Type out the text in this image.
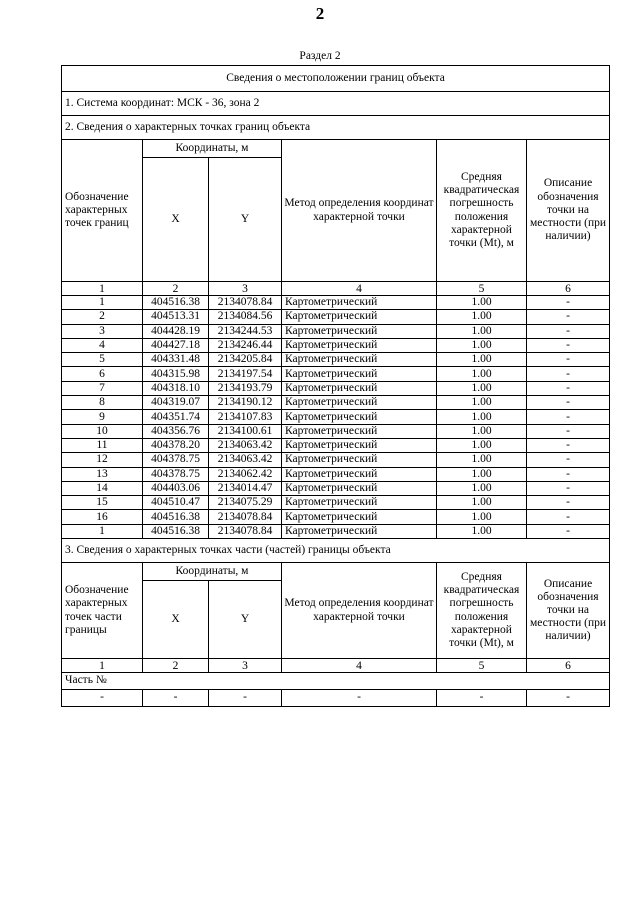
2
Раздел 2
Сведения о местоположении границ объекта					
1. Система координат: МСК - 36, зона 2					
2. Сведения о характерных точках границ объекта					
Обозначение характерных точек границ	Координаты, м		Метод определения координат характерной точки	Средняя квадратическая погрешность положения характерной точки (Mt), м	Описание обозначения точки на местности (при наличии)
	X	Y			
1	2	3	4	5	6
1	404516.38	2134078.84	Картометрический	1.00	-
2	404513.31	2134084.56	Картометрический	1.00	-
3	404428.19	2134244.53	Картометрический	1.00	-
4	404427.18	2134246.44	Картометрический	1.00	-
5	404331.48	2134205.84	Картометрический	1.00	-
6	404315.98	2134197.54	Картометрический	1.00	-
7	404318.10	2134193.79	Картометрический	1.00	-
8	404319.07	2134190.12	Картометрический	1.00	-
9	404351.74	2134107.83	Картометрический	1.00	-
10	404356.76	2134100.61	Картометрический	1.00	-
11	404378.20	2134063.42	Картометрический	1.00	-
12	404378.75	2134063.42	Картометрический	1.00	-
13	404378.75	2134062.42	Картометрический	1.00	-
14	404403.06	2134014.47	Картометрический	1.00	-
15	404510.47	2134075.29	Картометрический	1.00	-
16	404516.38	2134078.84	Картометрический	1.00	-
1	404516.38	2134078.84	Картометрический	1.00	-
3. Сведения о характерных точках части (частей) границы объекта					
Обозначение характерных точек части границы	Координаты, м		Метод определения координат характерной точки	Средняя квадратическая погрешность положения характерной точки (Mt), м	Описание обозначения точки на местности (при наличии)
	X	Y			
1	2	3	4	5	6
Часть №					
-	-	-	-	-	-
